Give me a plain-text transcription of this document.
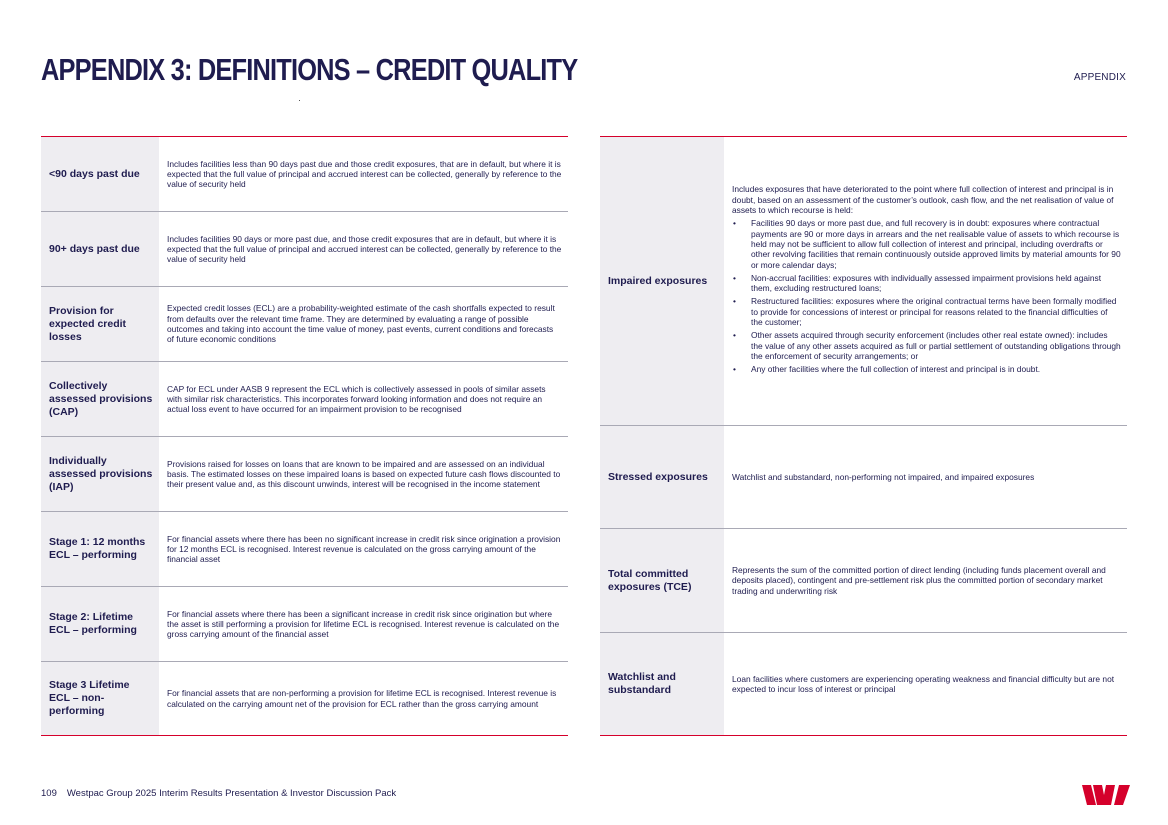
APPENDIX 3: DEFINITIONS – CREDIT QUALITY	APPENDIX
<90 days past due
Includes facilities less than 90 days past due and those credit exposures, that are in default, but where it is expected that the full value of principal and accrued interest can be collected, generally by reference to the value of security held
90+ days past due
Includes facilities 90 days or more past due, and those credit exposures that are in default, but where it is expected that the full value of principal and accrued interest can be collected, generally by reference to the value of security held
Provision for expected credit losses
Expected credit losses (ECL) are a probability-weighted estimate of the cash shortfalls expected to result from defaults over the relevant time frame. They are determined by evaluating a range of possible outcomes and taking into account the time value of money, past events, current conditions and forecasts of future economic conditions
Collectively assessed provisions (CAP)
CAP for ECL under AASB 9 represent the ECL which is collectively assessed in pools of similar assets with similar risk characteristics. This incorporates forward looking information and does not require an actual loss event to have occurred for an impairment provision to be recognised
Individually assessed provisions (IAP)
Provisions raised for losses on loans that are known to be impaired and are assessed on an individual basis. The estimated losses on these impaired loans is based on expected future cash flows discounted to their present value and, as this discount unwinds, interest will be recognised in the income statement
Stage 1: 12 months ECL – performing
For financial assets where there has been no significant increase in credit risk since origination a provision for 12 months ECL is recognised. Interest revenue is calculated on the gross carrying amount of the financial asset
Stage 2: Lifetime ECL – performing
For financial assets where there has been a significant increase in credit risk since origination but where the asset is still performing a provision for lifetime ECL is recognised. Interest revenue is calculated on the gross carrying amount of the financial asset
Stage 3 Lifetime ECL – non-performing
For financial assets that are non-performing a provision for lifetime ECL is recognised. Interest revenue is calculated on the carrying amount net of the provision for ECL rather than the gross carrying amount
Impaired exposures
Includes exposures that have deteriorated to the point where full collection of interest and principal is in doubt, based on an assessment of the customer’s outlook, cash flow, and the net realisation of value of assets to which recourse is held:
• Facilities 90 days or more past due, and full recovery is in doubt: exposures where contractual payments are 90 or more days in arrears and the net realisable value of assets to which recourse is held may not be sufficient to allow full collection of interest and principal, including overdrafts or other revolving facilities that remain continuously outside approved limits by material amounts for 90 or more calendar days;
• Non-accrual facilities: exposures with individually assessed impairment provisions held against them, excluding restructured loans;
• Restructured facilities: exposures where the original contractual terms have been formally modified to provide for concessions of interest or principal for reasons related to the financial difficulties of the customer;
• Other assets acquired through security enforcement (includes other real estate owned): includes the value of any other assets acquired as full or partial settlement of outstanding obligations through the enforcement of security arrangements; or
• Any other facilities where the full collection of interest and principal is in doubt.
Stressed exposures	Watchlist and substandard, non-performing not impaired, and impaired exposures
Total committed exposures (TCE)
Represents the sum of the committed portion of direct lending (including funds placement overall and deposits placed), contingent and pre-settlement risk plus the committed portion of secondary market trading and underwriting risk
Watchlist and substandard
Loan facilities where customers are experiencing operating weakness and financial difficulty but are not expected to incur loss of interest or principal
109 Westpac Group 2025 Interim Results Presentation & Investor Discussion Pack
